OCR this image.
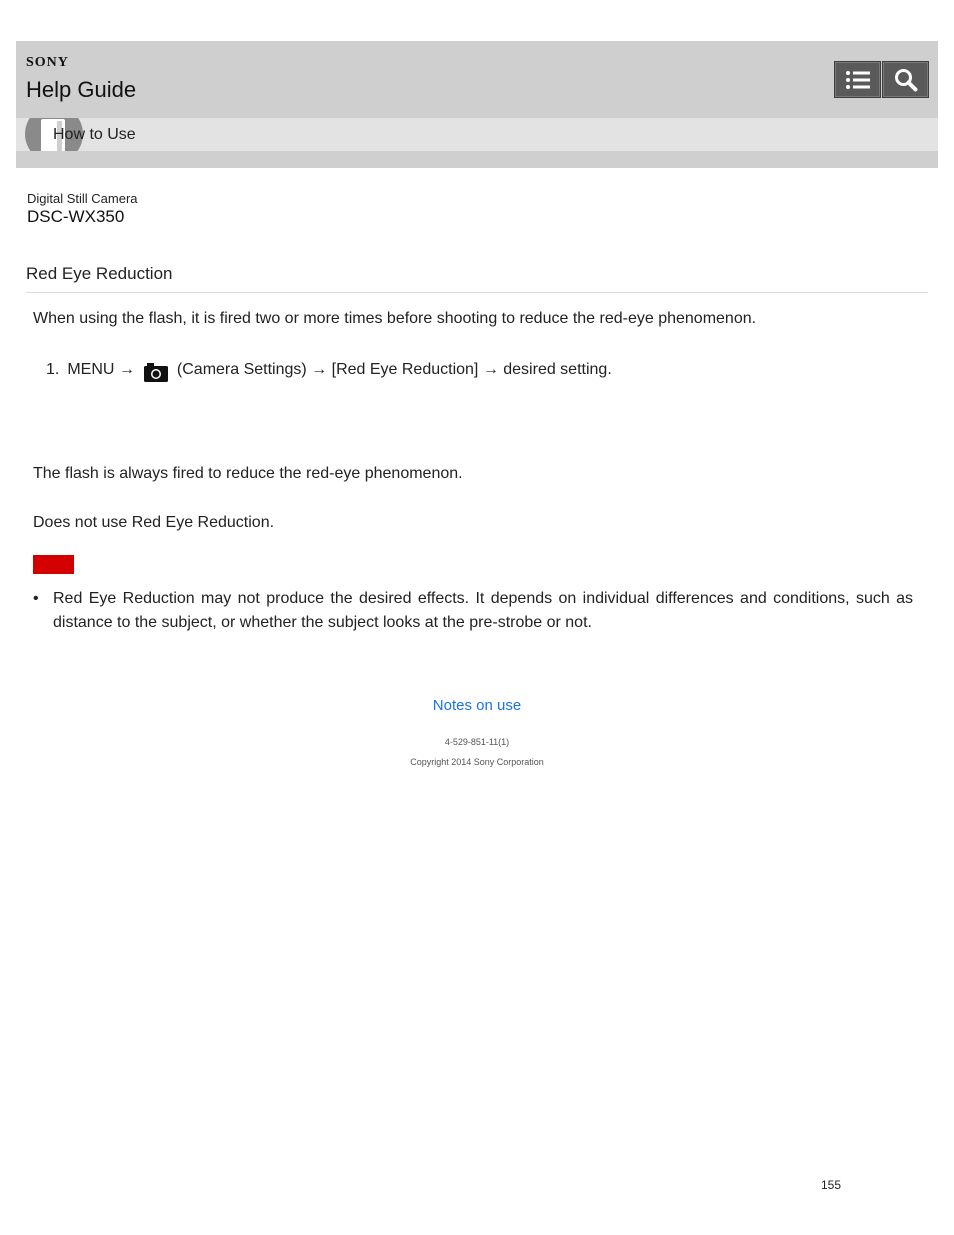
SONY
Help Guide
How to Use
Digital Still Camera
DSC-WX350
Red Eye Reduction
When using the flash, it is fired two or more times before shooting to reduce the red-eye phenomenon.
1. MENU →	(Camera Settings) → [Red Eye Reduction] → desired setting.
The flash is always fired to reduce the red-eye phenomenon.
Does not use Red Eye Reduction.
• Red Eye Reduction may not produce the desired effects. It depends on individual differences and conditions, such as distance to the subject, or whether the subject looks at the pre-strobe or not.
Notes on use
4-529-851-11(1)
Copyright 2014 Sony Corporation
155
